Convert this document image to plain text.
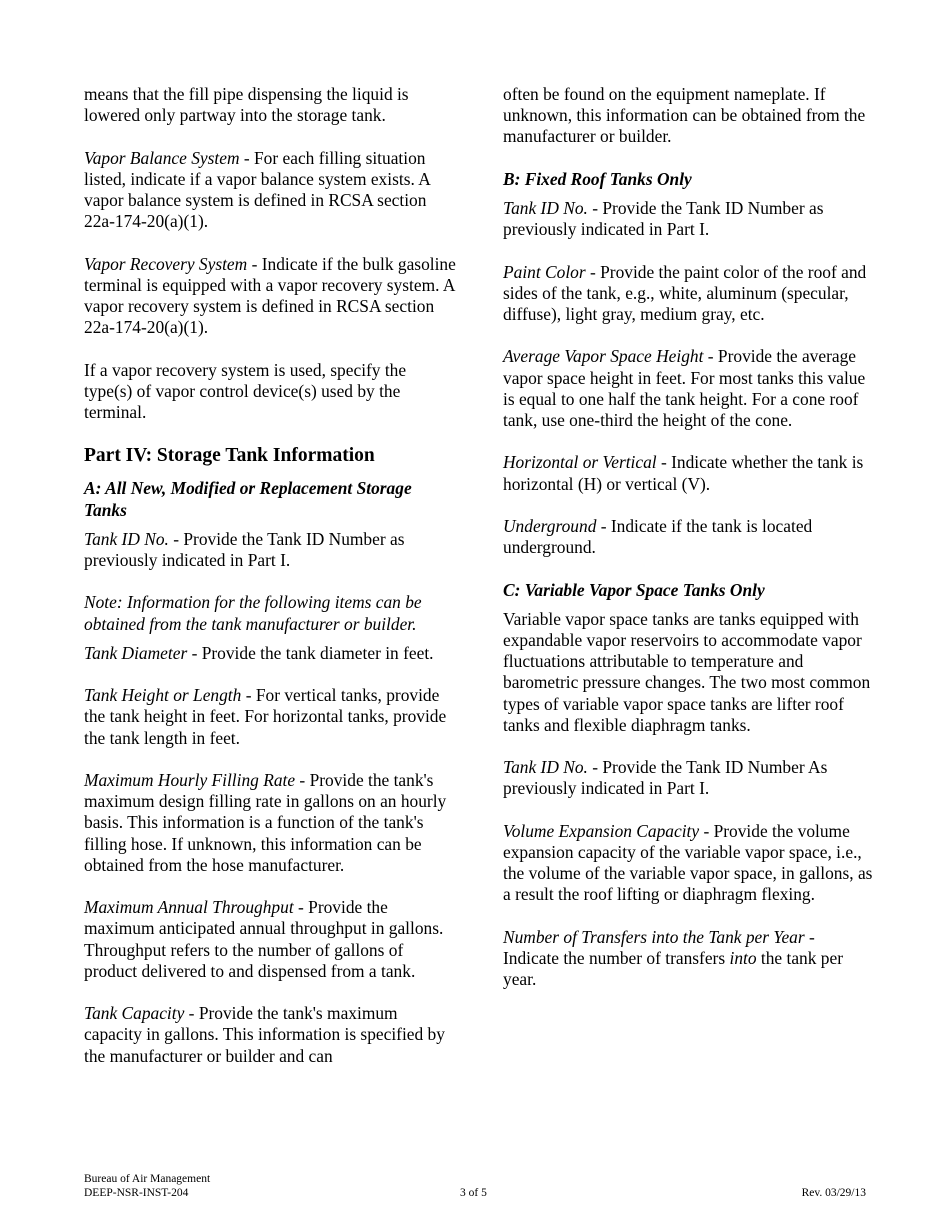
means that the fill pipe dispensing the liquid is lowered only partway into the storage tank.

Vapor Balance System - For each filling situation listed, indicate if a vapor balance system exists. A vapor balance system is defined in RCSA section 22a-174-20(a)(1).

Vapor Recovery System - Indicate if the bulk gasoline terminal is equipped with a vapor recovery system. A vapor recovery system is defined in RCSA section 22a-174-20(a)(1).

If a vapor recovery system is used, specify the type(s) of vapor control device(s) used by the terminal.

Part IV: Storage Tank Information
A: All New, Modified or Replacement Storage Tanks

Tank ID No. - Provide the Tank ID Number as previously indicated in Part I.

Note: Information for the following items can be obtained from the tank manufacturer or builder.

Tank Diameter - Provide the tank diameter in feet.

Tank Height or Length - For vertical tanks, provide the tank height in feet. For horizontal tanks, provide the tank length in feet.

Maximum Hourly Filling Rate - Provide the tank's maximum design filling rate in gallons on an hourly basis. This information is a function of the tank's filling hose. If unknown, this information can be obtained from the hose manufacturer.

Maximum Annual Throughput - Provide the maximum anticipated annual throughput in gallons. Throughput refers to the number of gallons of product delivered to and dispensed from a tank.

Tank Capacity - Provide the tank's maximum capacity in gallons. This information is specified by the manufacturer or builder and can

often be found on the equipment nameplate. If unknown, this information can be obtained from the manufacturer or builder.

B: Fixed Roof Tanks Only

Tank ID No. - Provide the Tank ID Number as previously indicated in Part I.

Paint Color - Provide the paint color of the roof and sides of the tank, e.g., white, aluminum (specular, diffuse), light gray, medium gray, etc.

Average Vapor Space Height - Provide the average vapor space height in feet. For most tanks this value is equal to one half the tank height. For a cone roof tank, use one-third the height of the cone.

Horizontal or Vertical - Indicate whether the tank is horizontal (H) or vertical (V).

Underground - Indicate if the tank is located underground.

C: Variable Vapor Space Tanks Only

Variable vapor space tanks are tanks equipped with expandable vapor reservoirs to accommodate vapor fluctuations attributable to temperature and barometric pressure changes. The two most common types of variable vapor space tanks are lifter roof tanks and flexible diaphragm tanks.

Tank ID No. - Provide the Tank ID Number As previously indicated in Part I.

Volume Expansion Capacity - Provide the volume expansion capacity of the variable vapor space, i.e., the volume of the variable vapor space, in gallons, as a result the roof lifting or diaphragm flexing.

Number of Transfers into the Tank per Year - Indicate the number of transfers into the tank per year.

Bureau of Air Management
DEEP-NSR-INST-204	3 of 5	Rev. 03/29/13
